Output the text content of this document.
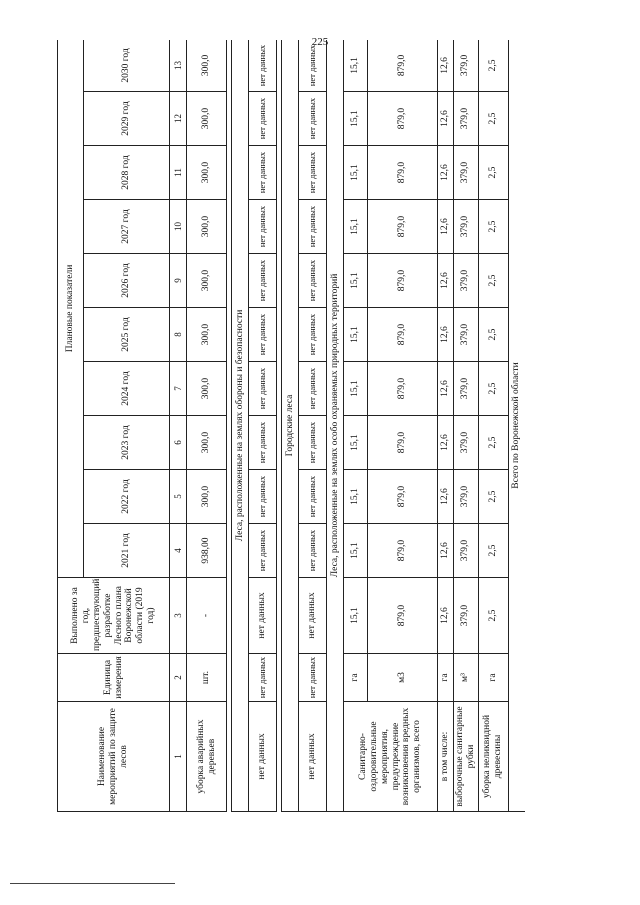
225
Наименование мероприятий по защите лесов	Единица измерения	Выполнено за год, предшествующий разработке Лесного плана Воронежской области (2019 год)	Плановые показатели									
			2021 год	2022 год	2023 год	2024 год	2025 год	2026 год	2027 год	2028 год	2029 год	2030 год
1	2	3	4	5	6	7	8	9	10	11	12	13
уборка аварийных деревьев	шт.	-	938,00	300,0	300,0	300,0	300,0	300,0	300,0	300,0	300,0	300,0

Леса, расположенные на землях обороны и безопасности												
нет данных	нет данных	нет данных	нет данных	нет данных	нет данных	нет данных	нет данных	нет данных	нет данных	нет данных	нет данных	нет данных

Городские леса												
нет данных	нет данных	нет данных	нет данных	нет данных	нет данных	нет данных	нет данных	нет данных	нет данных	нет данных	нет данных	нет данных
Леса, расположенные на землях особо охраняемых природных территорий												
Санитарно-оздоровительные мероприятия, предупреждение возникновения вредных организмов, всего	га	15,1	15,1	15,1	15,1	15,1	15,1	15,1	15,1	15,1	15,1	15,1
	м3	879,0	879,0	879,0	879,0	879,0	879,0	879,0	879,0	879,0	879,0	879,0
в том числе:	га	12,6	12,6	12,6	12,6	12,6	12,6	12,6	12,6	12,6	12,6	12,6
выборочные санитарные рубки	м³	379,0	379,0	379,0	379,0	379,0	379,0	379,0	379,0	379,0	379,0	379,0
уборка неликвидной древесины	га	2,5	2,5	2,5	2,5	2,5	2,5	2,5	2,5	2,5	2,5	2,5
Всего по Воронежской области												
